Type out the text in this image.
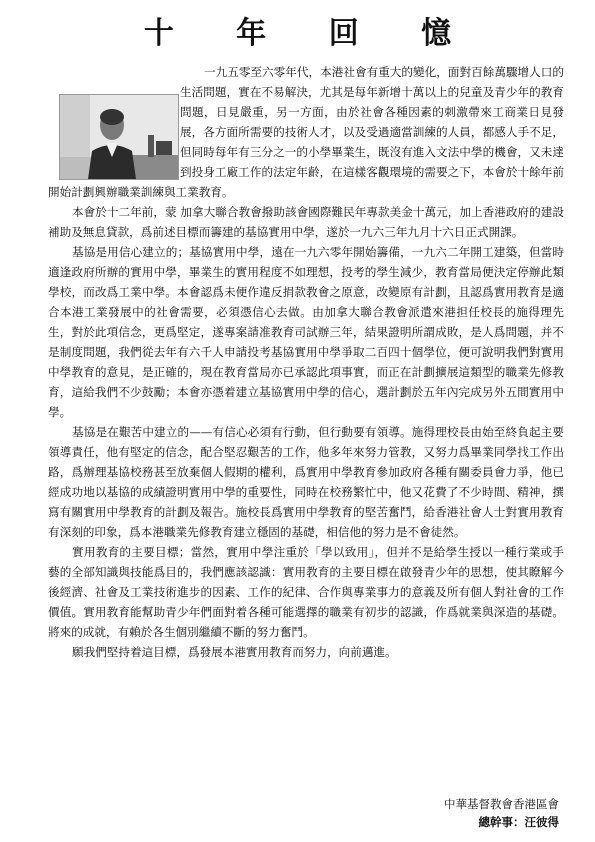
十 年 回 憶

一九五零至六零年代，本港社會有重大的變化，面對百餘萬驟增人口的生活問題，實在不易解決，尤其是每年新增十萬以上的兒童及青少年的教育問題，日見嚴重，另一方面，由於社會各種因素的刺激帶來工商業日見發展，各方面所需要的技術人才，以及受過適當訓練的人員，都感人手不足，但同時每年有三分之一的小學畢業生，既沒有進入文法中學的機會，又未達到投身工廠工作的法定年齡，在這樣客觀環境的需要之下，本會於十餘年前開始計劃興辦職業訓練與工業教育。

本會於十二年前，蒙 加拿大聯合教會撥助該會國際難民年專款美金十萬元，加上香港政府的建設補助及無息貸款，爲前述目標而籌建的基協實用中學，遂於一九六三年九月十六日正式開課。

基協是用信心建立的；基協實用中學，遠在一九六零年開始籌備，一九六二年開工建築，但當時適逢政府所辦的實用中學，畢業生的實用程度不如理想，投考的學生減少，教育當局便決定停辦此類學校，而改爲工業中學。本會認爲未便作違反捐款教會之原意，改變原有計劃，且認爲實用教育是適合本港工業發展中的社會需要，必須憑信心去做。由加拿大聯合教會派遣來港担任校長的施得理先生，對於此項信念，更爲堅定，遂專案請准教育司試辦三年，結果證明所謂成敗，是人爲問題，并不是制度問題，我們從去年有六千人申請投考基協實用中學爭取二百四十個學位，便可說明我們對實用中學教育的意見，是正確的，現在教育當局亦已承認此項事實，而正在計劃擴展這類型的職業先修教育，這給我們不少鼓勵；本會亦憑着建立基協實用中學的信心，選計劃於五年內完成另外五間實用中學。

基協是在艱苦中建立的——有信心必須有行動，但行動要有領導。施得理校長由始至終負起主要領導責任，他有堅定的信念，配合堅忍艱苦的工作，他多年來努力管教，又努力爲畢業同學找工作出路，爲辦理基協校務甚至放棄個人假期的權利，爲實用中學教育參加政府各種有關委員會力爭，他已經成功地以基協的成績證明實用中學的重要性，同時在校務繁忙中，他又花費了不少時間、精神，撰寫有關實用中學教育的計劃及報告。施校長爲實用中學教育的堅苦奮鬥，給香港社會人士對實用教育有深刻的印象，爲本港職業先修教育建立穩固的基礎，相信他的努力是不會徒然。

實用教育的主要目標；當然，實用中學注重於「學以致用」，但并不是給學生授以一種行業或手藝的全部知識與技能爲目的，我們應該認識：實用教育的主要目標在啟發青少年的思想，使其瞭解今後經濟、社會及工業技術進步的因素、工作的紀律、合作與專業事力的意義及所有個人對社會的工作價值。實用教育能幫助青少年們面對着各種可能選擇的職業有初步的認識，作爲就業與深造的基礎。將來的成就，有賴於各生個別繼續不斷的努力奮鬥。

願我們堅持着這目標，爲發展本港實用教育而努力，向前邁進。

中華基督教會香港區會
總幹事：汪彼得
